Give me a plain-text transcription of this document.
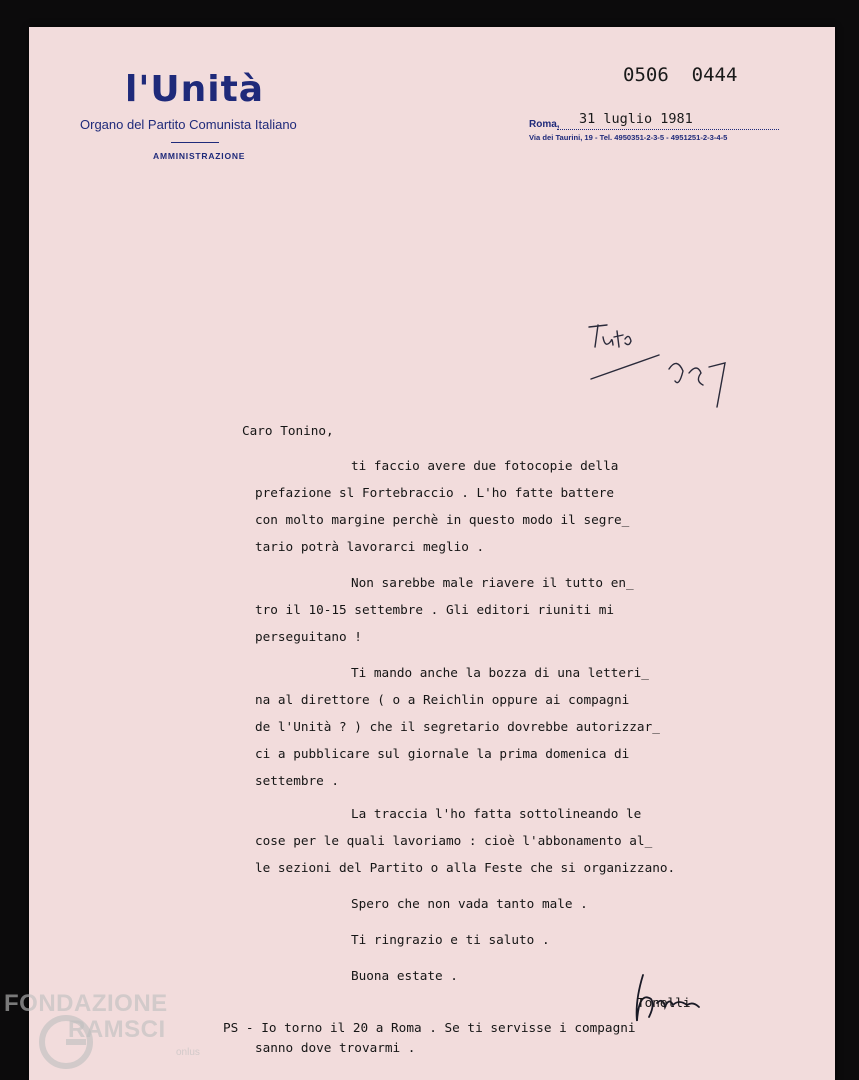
l'Unità
Organo del Partito Comunista Italiano
AMMINISTRAZIONE
0506  0444
Roma, 31 luglio 1981
Via dei Taurini, 19 - Tel. 4950351-2-3-5 - 4951251-2-3-4-5
Caro Tonino,
ti faccio avere due fotocopie della
prefazione sl Fortebraccio . L'ho fatte battere
con molto margine perchè in questo modo il segre_
tario potrà lavorarci meglio .
Non sarebbe male riavere il tutto en_
tro il 10-15 settembre . Gli editori riuniti mi
perseguitano !
Ti mando anche la bozza di una letteri_
na al direttore ( o a Reichlin oppure ai compagni
de l'Unità ? ) che il segretario dovrebbe autorizzar_
ci a pubblicare sul giornale la prima domenica di
settembre .
La traccia l'ho fatta sottolineando le
cose per le quali lavoriamo : cioè l'abbonamento al_
le sezioni del Partito o alla Feste che si organizzano.
Spero che non vada tanto male .
Ti ringrazio e ti saluto .
Buona estate .
PS - Io torno il 20 a Roma . Se ti servisse i compagni
sanno dove trovarmi .
Tonelli
FONDAZIONE
RAMSCI
onlus
